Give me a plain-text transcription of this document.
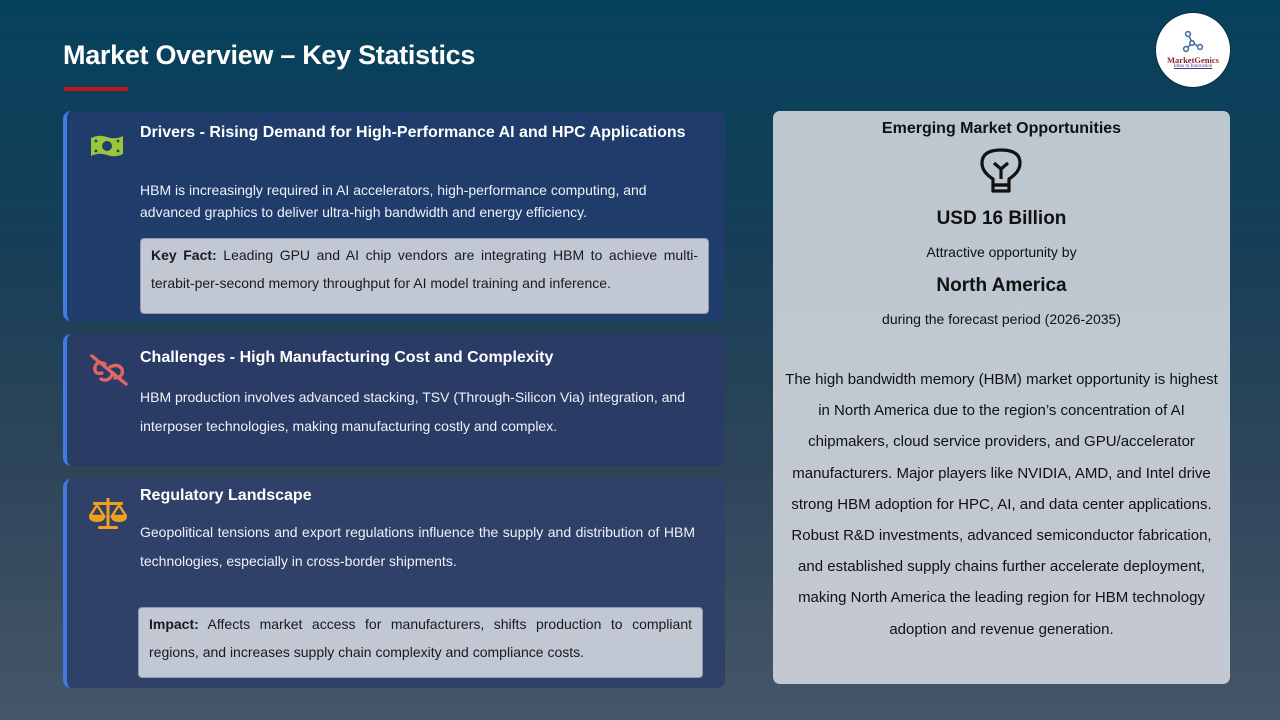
Market Overview – Key Statistics	MarketGenics
Ideas to Innovation
Drivers - Rising Demand for High-Performance AI and HPC Applications

HBM is increasingly required in AI accelerators, high-performance computing, and advanced graphics to deliver ultra-high bandwidth and energy efficiency.

Key Fact: Leading GPU and AI chip vendors are integrating HBM to achieve multi-terabit-per-second memory throughput for AI model training and inference.
Challenges - High Manufacturing Cost and Complexity

HBM production involves advanced stacking, TSV (Through-Silicon Via) integration, and interposer technologies, making manufacturing costly and complex.

Regulatory Landscape

Geopolitical tensions and export regulations influence the supply and distribution of HBM technologies, especially in cross-border shipments.

Impact: Affects market access for manufacturers, shifts production to compliant regions, and increases supply chain complexity and compliance costs.
Emerging Market Opportunities
USD 16 Billion
Attractive opportunity by
North America
during the forecast period (2026-2035)

The high bandwidth memory (HBM) market opportunity is highest in North America due to the region’s concentration of AI chipmakers, cloud service providers, and GPU/accelerator manufacturers. Major players like NVIDIA, AMD, and Intel drive strong HBM adoption for HPC, AI, and data center applications. Robust R&D investments, advanced semiconductor fabrication, and established supply chains further accelerate deployment, making North America the leading region for HBM technology adoption and revenue generation.
